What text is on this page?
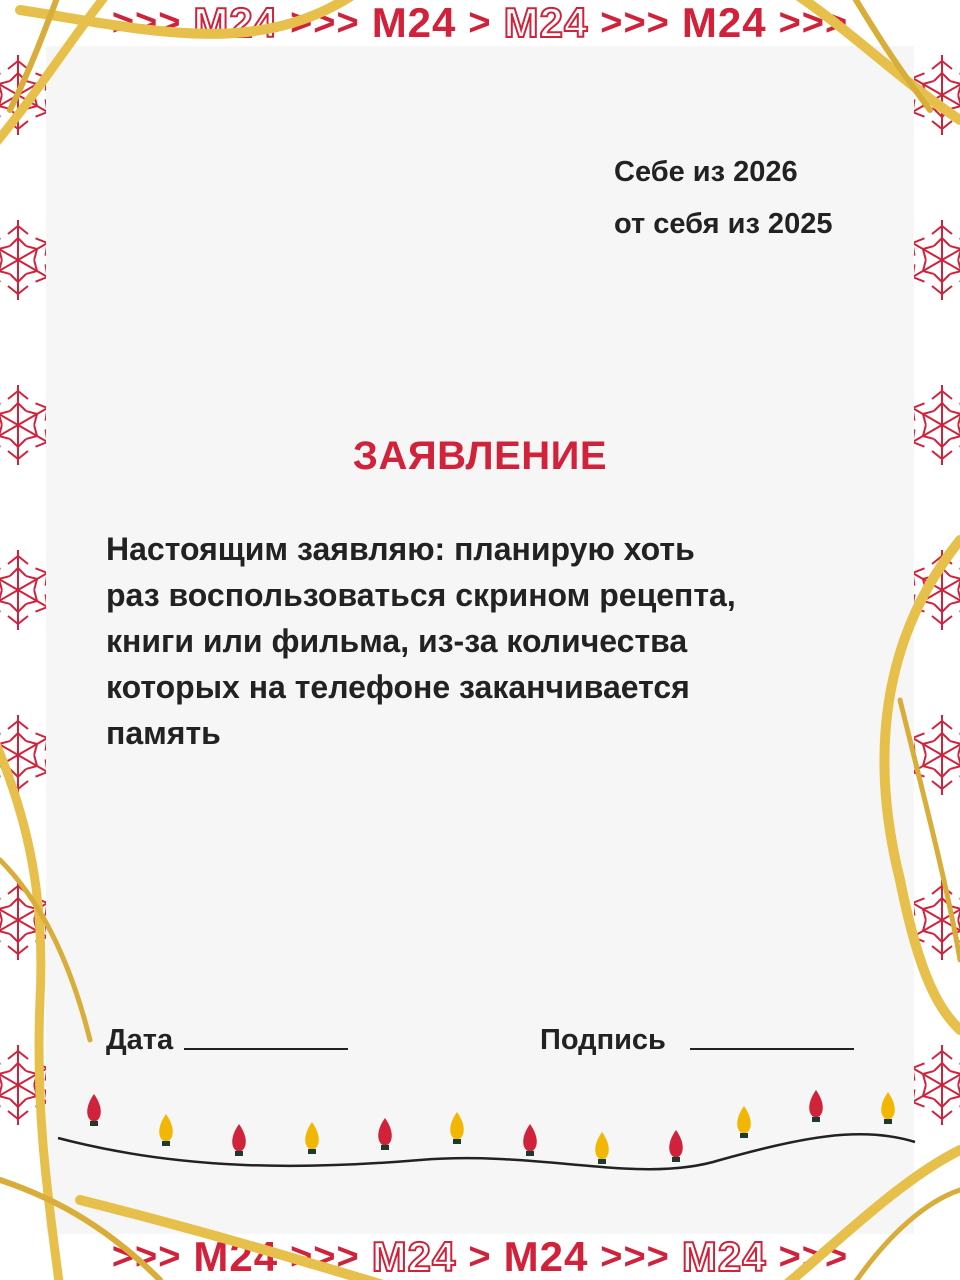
>>> М24 >>> М24 > М24 >>> М24 >>>
>>> М24 >>> М24 > М24 >>> М24 >>>
Себе из 2026
от себя из 2025
ЗАЯВЛЕНИЕ
Настоящим заявляю: планирую хоть
раз воспользоваться скрином рецепта,
книги или фильма, из-за количества
которых на телефоне заканчивается
память
Дата	Подпись
